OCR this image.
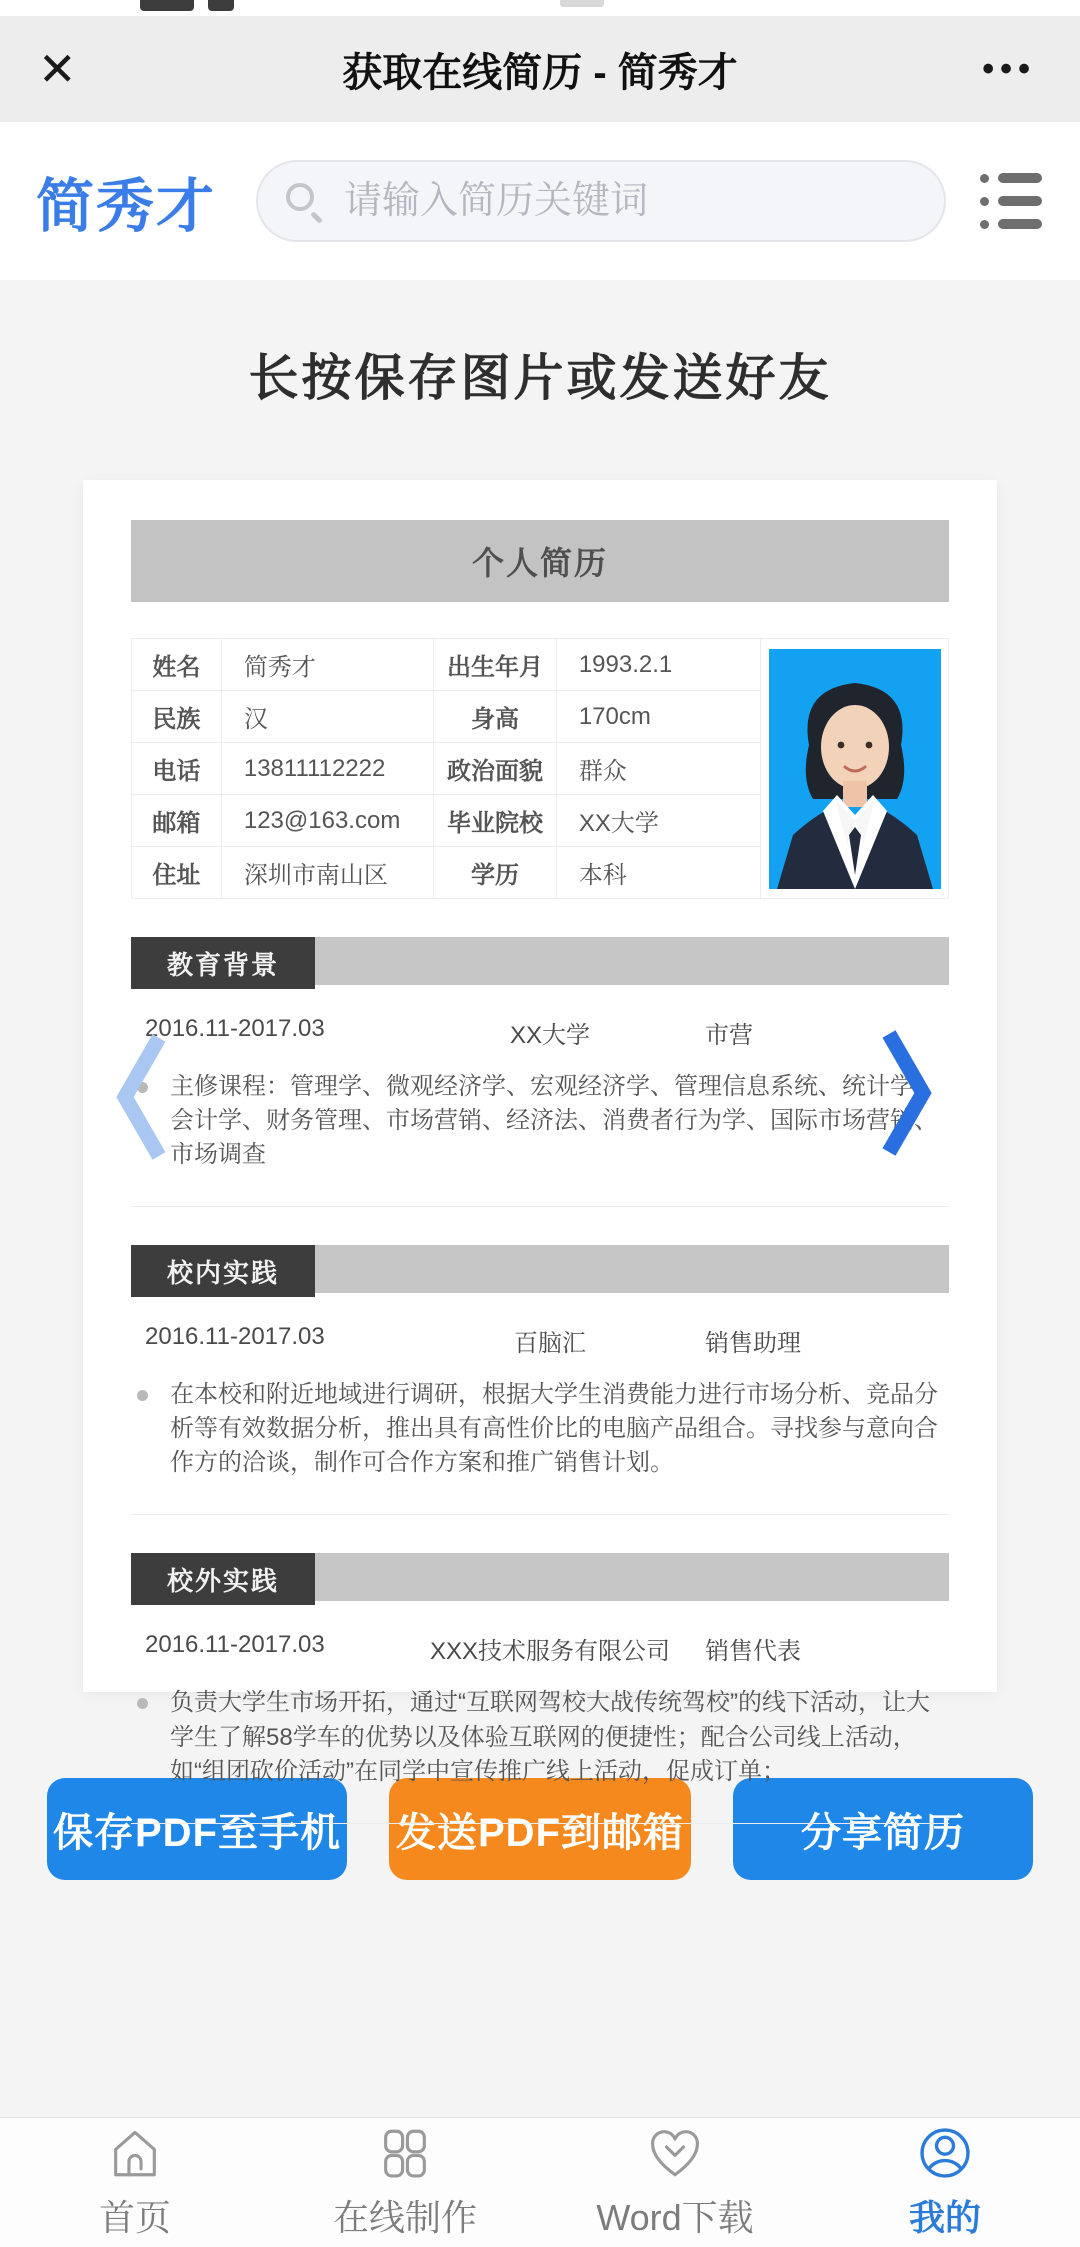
✕	获取在线简历 - 简秀才	•••
简秀才
请输入简历关键词
长按保存图片或发送好友
个人简历
姓名	简秀才	出生年月	1993.2.1	

民族	汉	身高	170cm	
电话	13811112222	政治面貌	群众	
邮箱	123@163.com	毕业院校	XX大学	
住址	深圳市南山区	学历	本科	
教育背景
2016.11-2017.03	XX大学	市营

主修课程：管理学、微观经济学、宏观经济学、管理信息系统、统计学、会计学、财务管理、市场营销、经济法、消费者行为学、国际市场营销、市场调查

校内实践
2016.11-2017.03	百脑汇	销售助理

在本校和附近地域进行调研，根据大学生消费能力进行市场分析、竞品分析等有效数据分析，推出具有高性价比的电脑产品组合。寻找参与意向合作方的洽谈，制作可合作方案和推广销售计划。

校外实践
2016.11-2017.03	XXX技术服务有限公司	销售代表

负责大学生市场开拓，通过“互联网驾校大战传统驾校”的线下活动，让大学生了解58学车的优势以及体验互联网的便捷性；配合公司线上活动，如“组团砍价活动”在同学中宣传推广线上活动，促成订单；

保存PDF至手机 发送PDF到邮箱	分享简历
首页	在线制作	Word下载	我的
